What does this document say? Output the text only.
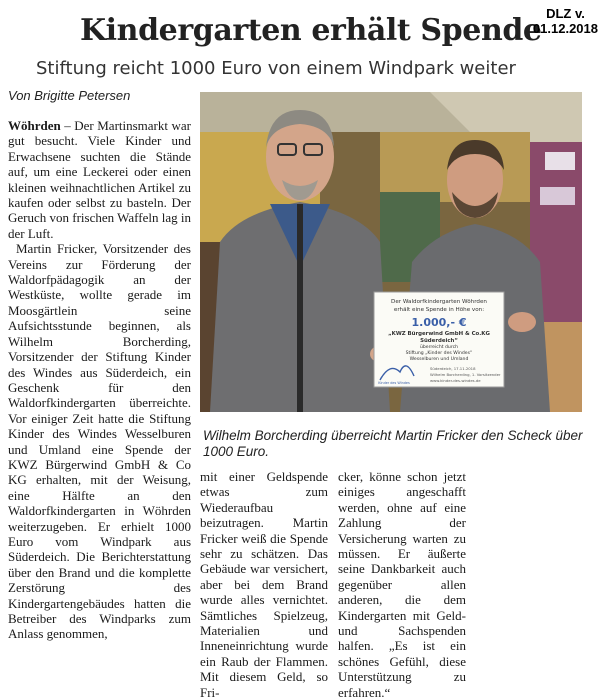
Kindergarten erhält Spende DLZ v.
01.12.2018
Stiftung reicht 1000 Euro von einem Windpark weiter
Von Brigitte Petersen

Wöhrden – Der Martinsmarkt war gut besucht. Viele Kinder und Erwachsene suchten die Stände auf, um eine Leckerei oder einen kleinen weihnachtlichen Artikel zu kaufen oder selbst zu basteln. Der Geruch von frischen Waffeln lag in der Luft.

Martin Fricker, Vorsitzender des Vereins zur Förderung der Waldorfpädagogik an der Westküste, wollte gerade im Moosgärtlein seine Aufsichtsstunde beginnen, als Wilhelm Borcherding, Vorsitzender der Stiftung Kinder des Windes aus Süderdeich, ein Geschenk für den Waldorfkindergarten überreichte. Vor einiger Zeit hatte die Stiftung Kinder des Windes Wesselburen und Umland eine Spende der KWZ Bürgerwind GmbH & Co KG erhalten, mit der Weisung, eine Hälfte an den Waldorfkindergarten in Wöhrden weiterzugeben. Er erhielt 1000 Euro vom Windpark aus Süderdeich. Die Berichterstattung über den Brand und die komplette Zerstörung des Kindergartengebäudes hatten die Betreiber des Windparks zum Anlass genommen,

Der Waldorfkindergarten Wöhrden
erhält eine Spende in Höhe von:
1.000,- €
„KWZ Bürgerwind GmbH & Co.KG
Süderdeich“
überreicht durch
Stiftung „Kinder des Windes“
Wesselburen und Umland
Süderdeich, 17.11.2018
Wilhelm Borcherding, 1. Vorsitzender
www.kinder-des-windes.de
Kinder des Windes
Wilhelm Borcherding überreicht Martin Fricker den Scheck über 1000 Euro.

mit einer Geldspende etwas zum Wiederaufbau beizutragen. Martin Fricker weiß die Spende sehr zu schätzen. Das Gebäude war versichert, aber bei dem Brand wurde alles vernichtet. Sämtliches Spielzeug, Materialien und Inneneinrichtung wurde ein Raub der Flammen. Mit diesem Geld, so Fri-

cker, könne schon jetzt einiges angeschafft werden, ohne auf eine Zahlung der Versicherung warten zu müssen. Er äußerte seine Dankbarkeit auch gegenüber allen anderen, die dem Kindergarten mit Geld- und Sachspenden halfen. „Es ist ein schönes Gefühl, diese Unterstützung zu erfahren.“
